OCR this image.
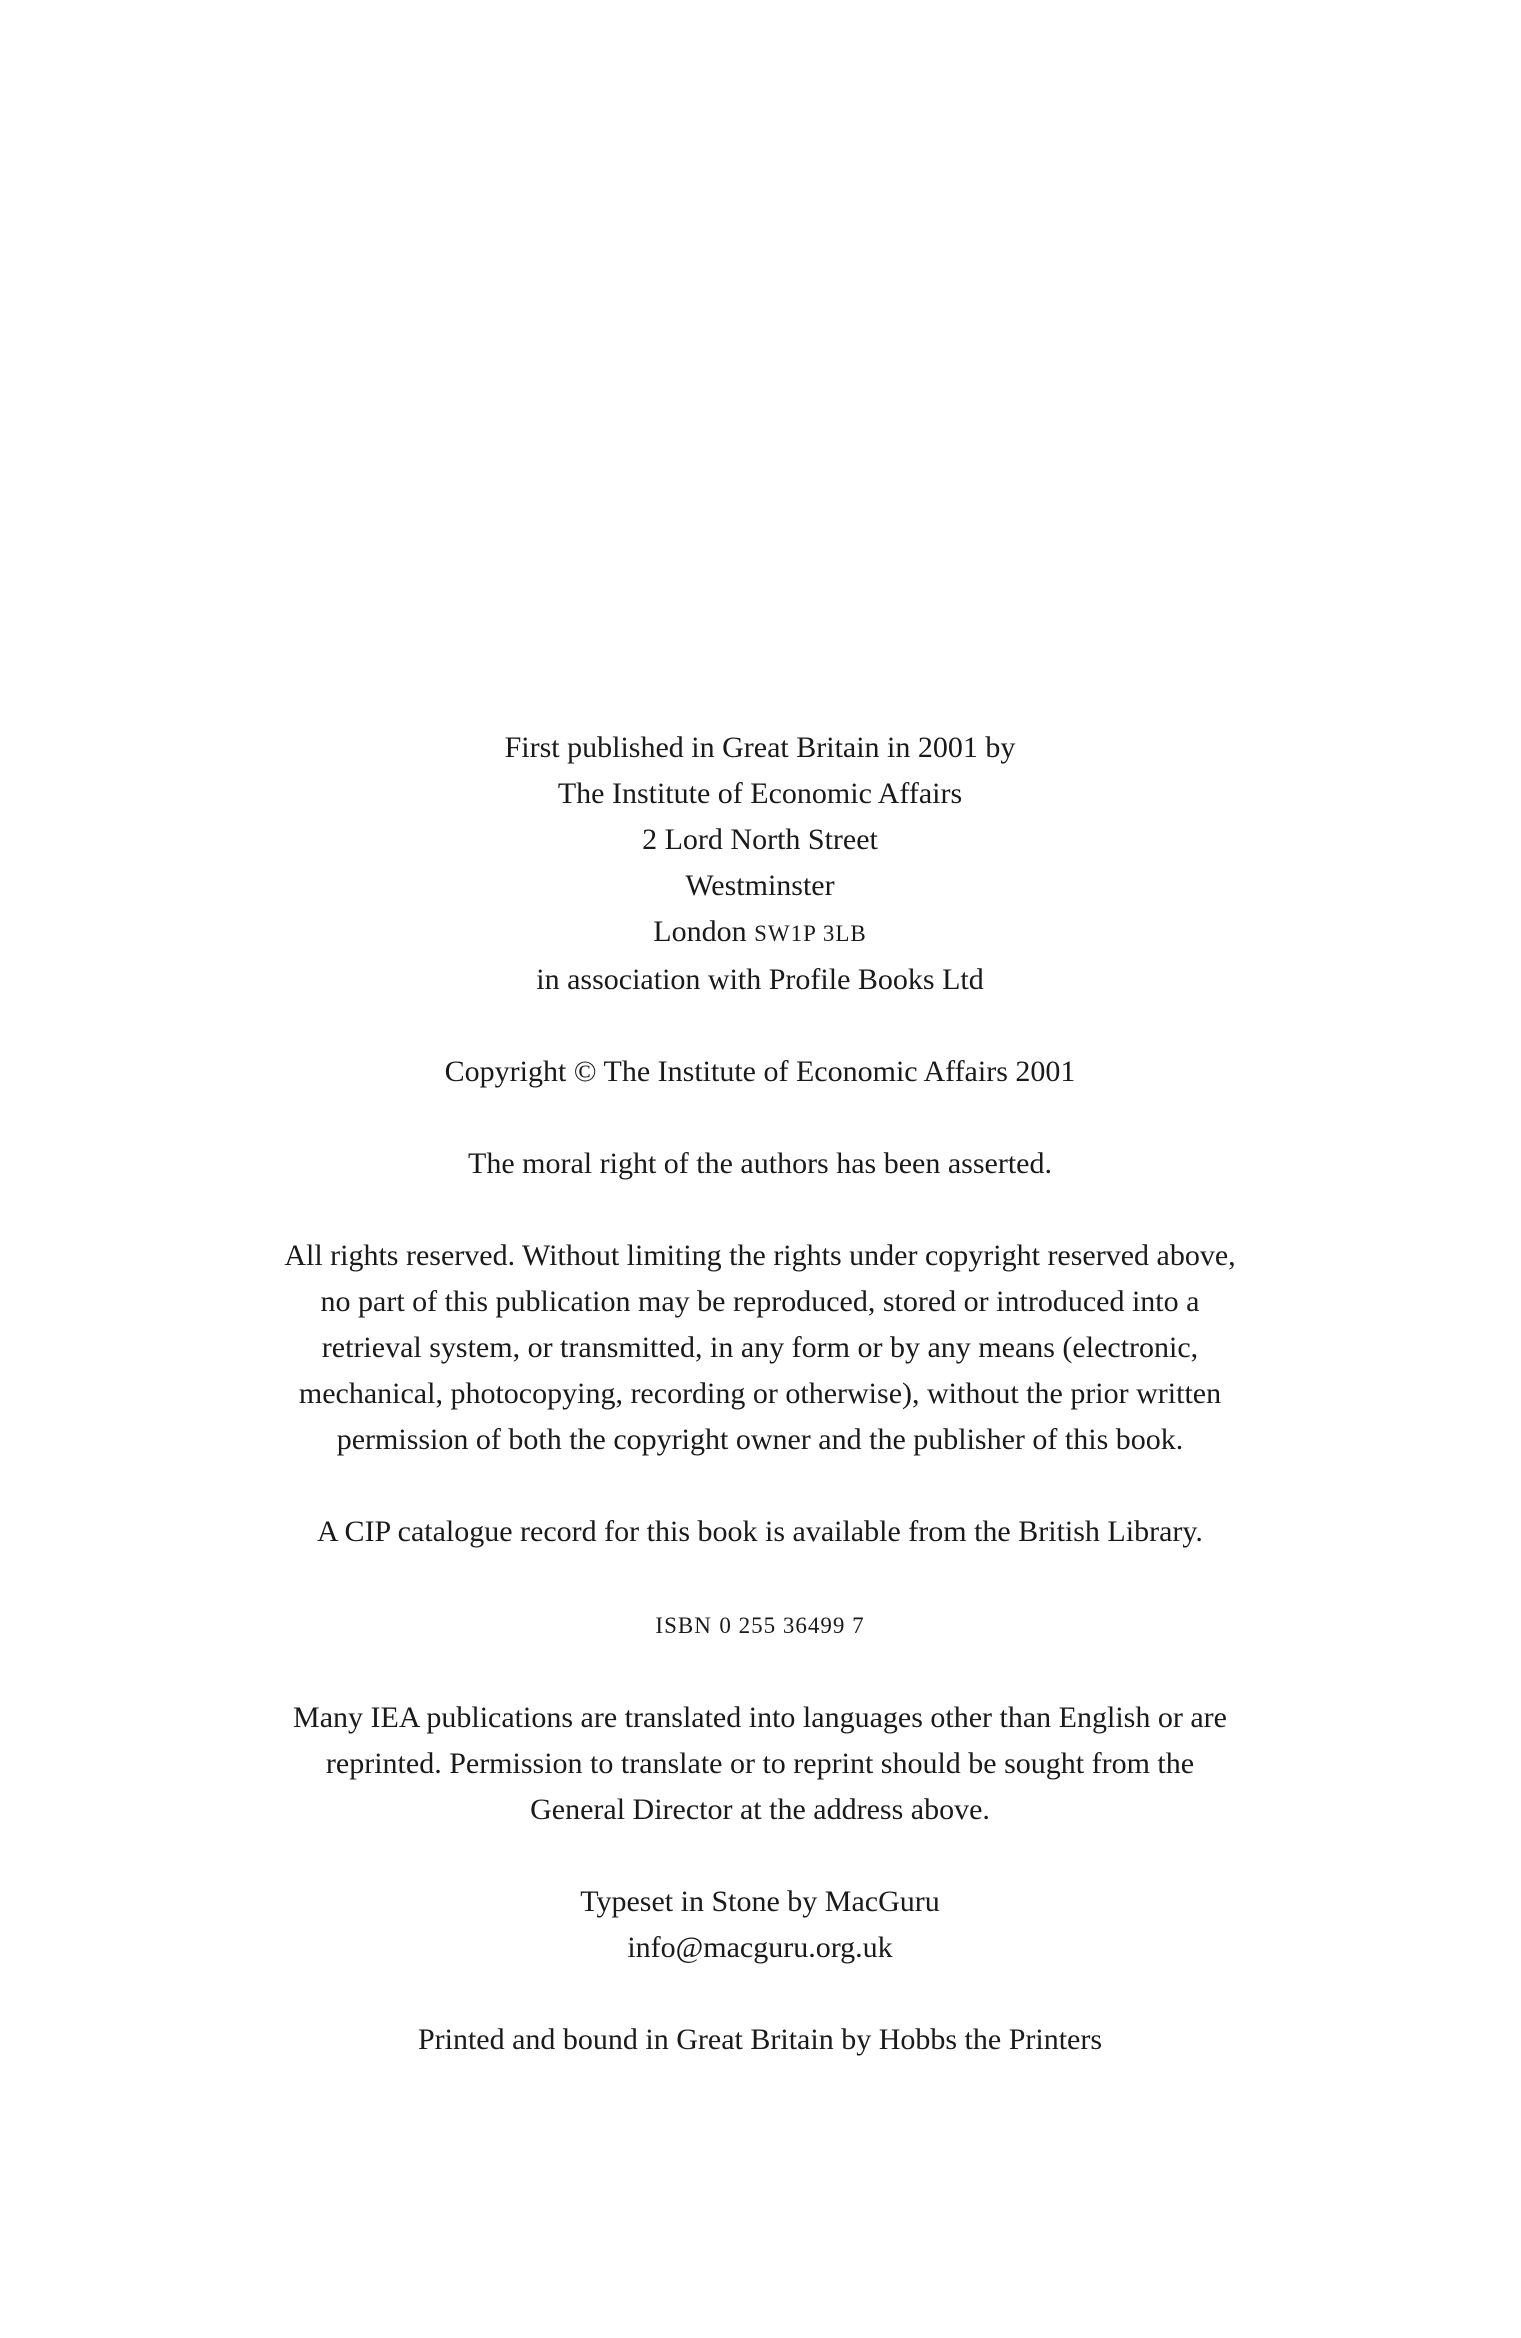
First published in Great Britain in 2001 by
The Institute of Economic Affairs
2 Lord North Street
Westminster
London SW1P 3LB
in association with Profile Books Ltd
Copyright © The Institute of Economic Affairs 2001
The moral right of the authors has been asserted.
All rights reserved. Without limiting the rights under copyright reserved above,
no part of this publication may be reproduced, stored or introduced into a
retrieval system, or transmitted, in any form or by any means (electronic,
mechanical, photocopying, recording or otherwise), without the prior written
permission of both the copyright owner and the publisher of this book.
A CIP catalogue record for this book is available from the British Library.
ISBN 0 255 36499 7
Many IEA publications are translated into languages other than English or are
reprinted. Permission to translate or to reprint should be sought from the
General Director at the address above.
Typeset in Stone by MacGuru
info@macguru.org.uk
Printed and bound in Great Britain by Hobbs the Printers
